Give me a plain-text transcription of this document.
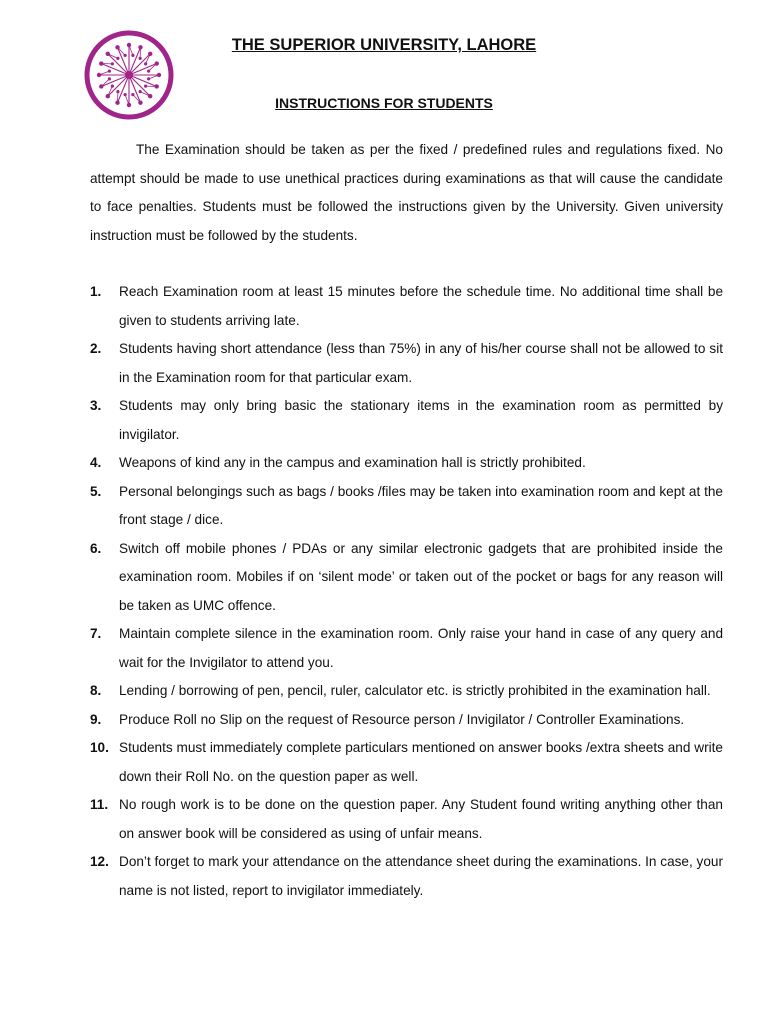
THE SUPERIOR UNIVERSITY, LAHORE
INSTRUCTIONS FOR STUDENTS

The Examination should be taken as per the fixed / predefined rules and regulations fixed. No attempt should be made to use unethical practices during examinations as that will cause the candidate to face penalties. Students must be followed the instructions given by the University. Given university instruction must be followed by the students.

1.	Reach Examination room at least 15 minutes before the schedule time. No additional time shall be given to students arriving late.
2.	Students having short attendance (less than 75%) in any of his/her course shall not be allowed to sit in the Examination room for that particular exam.
3.	Students may only bring basic the stationary items in the examination room as permitted by invigilator.
4.	Weapons of kind any in the campus and examination hall is strictly prohibited.
5.	Personal belongings such as bags / books /files may be taken into examination room and kept at the front stage / dice.
6.	Switch off mobile phones / PDAs or any similar electronic gadgets that are prohibited inside the examination room. Mobiles if on ‘silent mode’ or taken out of the pocket or bags for any reason will be taken as UMC offence.
7.	Maintain complete silence in the examination room. Only raise your hand in case of any query and wait for the Invigilator to attend you.
8.	Lending / borrowing of pen, pencil, ruler, calculator etc. is strictly prohibited in the examination hall.
9.	Produce Roll no Slip on the request of Resource person / Invigilator / Controller Examinations.
10. Students must immediately complete particulars mentioned on answer books /extra sheets and write down their Roll No. on the question paper as well.
11. No rough work is to be done on the question paper. Any Student found writing anything other than on answer book will be considered as using of unfair means.
12. Don’t forget to mark your attendance on the attendance sheet during the examinations. In case, your name is not listed, report to invigilator immediately.
